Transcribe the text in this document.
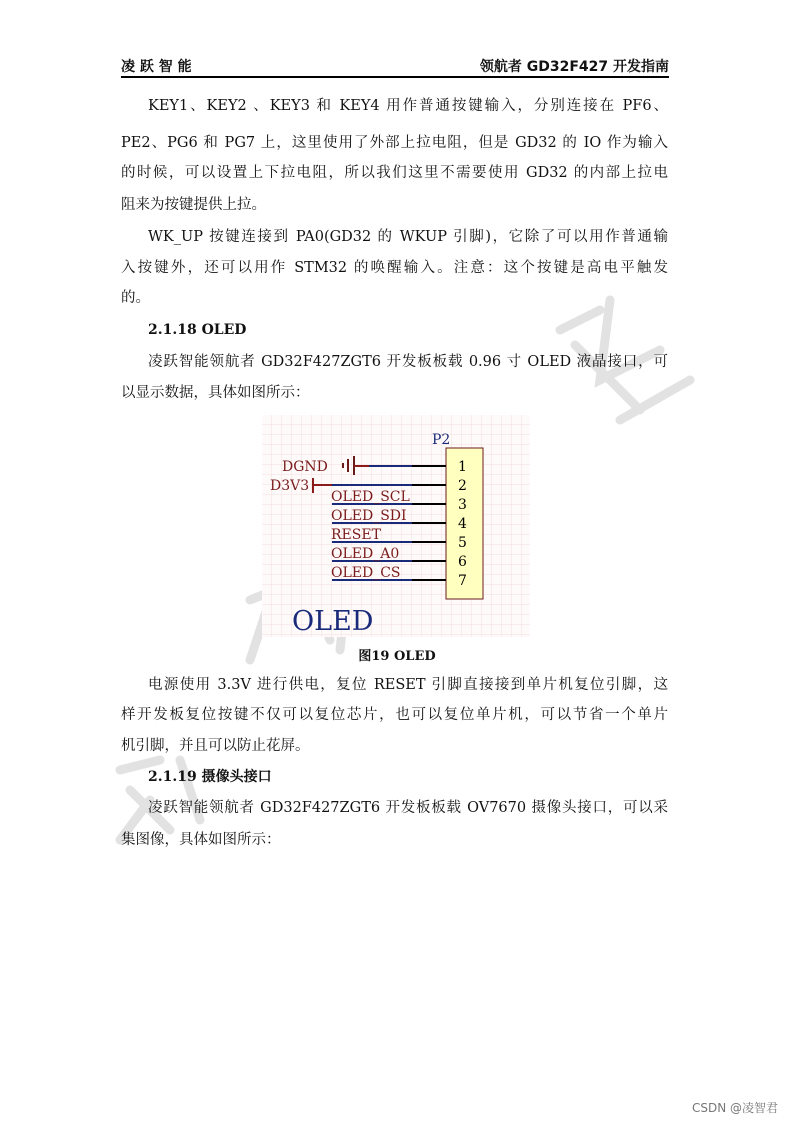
凌 跃 智 能	领航者 GD32F427 开发指南
KEY1、KEY2 、KEY3 和 KEY4 用作普通按键输入，分别连接在 PF6、
PE2、PG6 和 PG7 上，这里使用了外部上拉电阻，但是 GD32 的 IO 作为输入
的时候，可以设置上下拉电阻，所以我们这里不需要使用 GD32 的内部上拉电
阻来为按键提供上拉。
WK_UP 按键连接到 PA0(GD32 的 WKUP 引脚)，它除了可以用作普通输
入按键外，还可以用作 STM32 的唤醒输入。注意：这个按键是高电平触发
的。
2.1.18 OLED
凌跃智能领航者 GD32F427ZGT6 开发板板载 0.96 寸 OLED 液晶接口，可
以显示数据，具体如图所示：
P2
1
2
3
OLED_SCL
4
OLED_SDI
5
RESET
6
OLED_A0
7
OLED_CS
DGND
D3V3
OLED
图19 OLED
电源使用 3.3V 进行供电，复位 RESET 引脚直接接到单片机复位引脚，这
样开发板复位按键不仅可以复位芯片，也可以复位单片机，可以节省一个单片
机引脚，并且可以防止花屏。
2.1.19 摄像头接口
凌跃智能领航者 GD32F427ZGT6 开发板板载 OV7670 摄像头接口，可以采
集图像，具体如图所示：
CSDN @凌智君
